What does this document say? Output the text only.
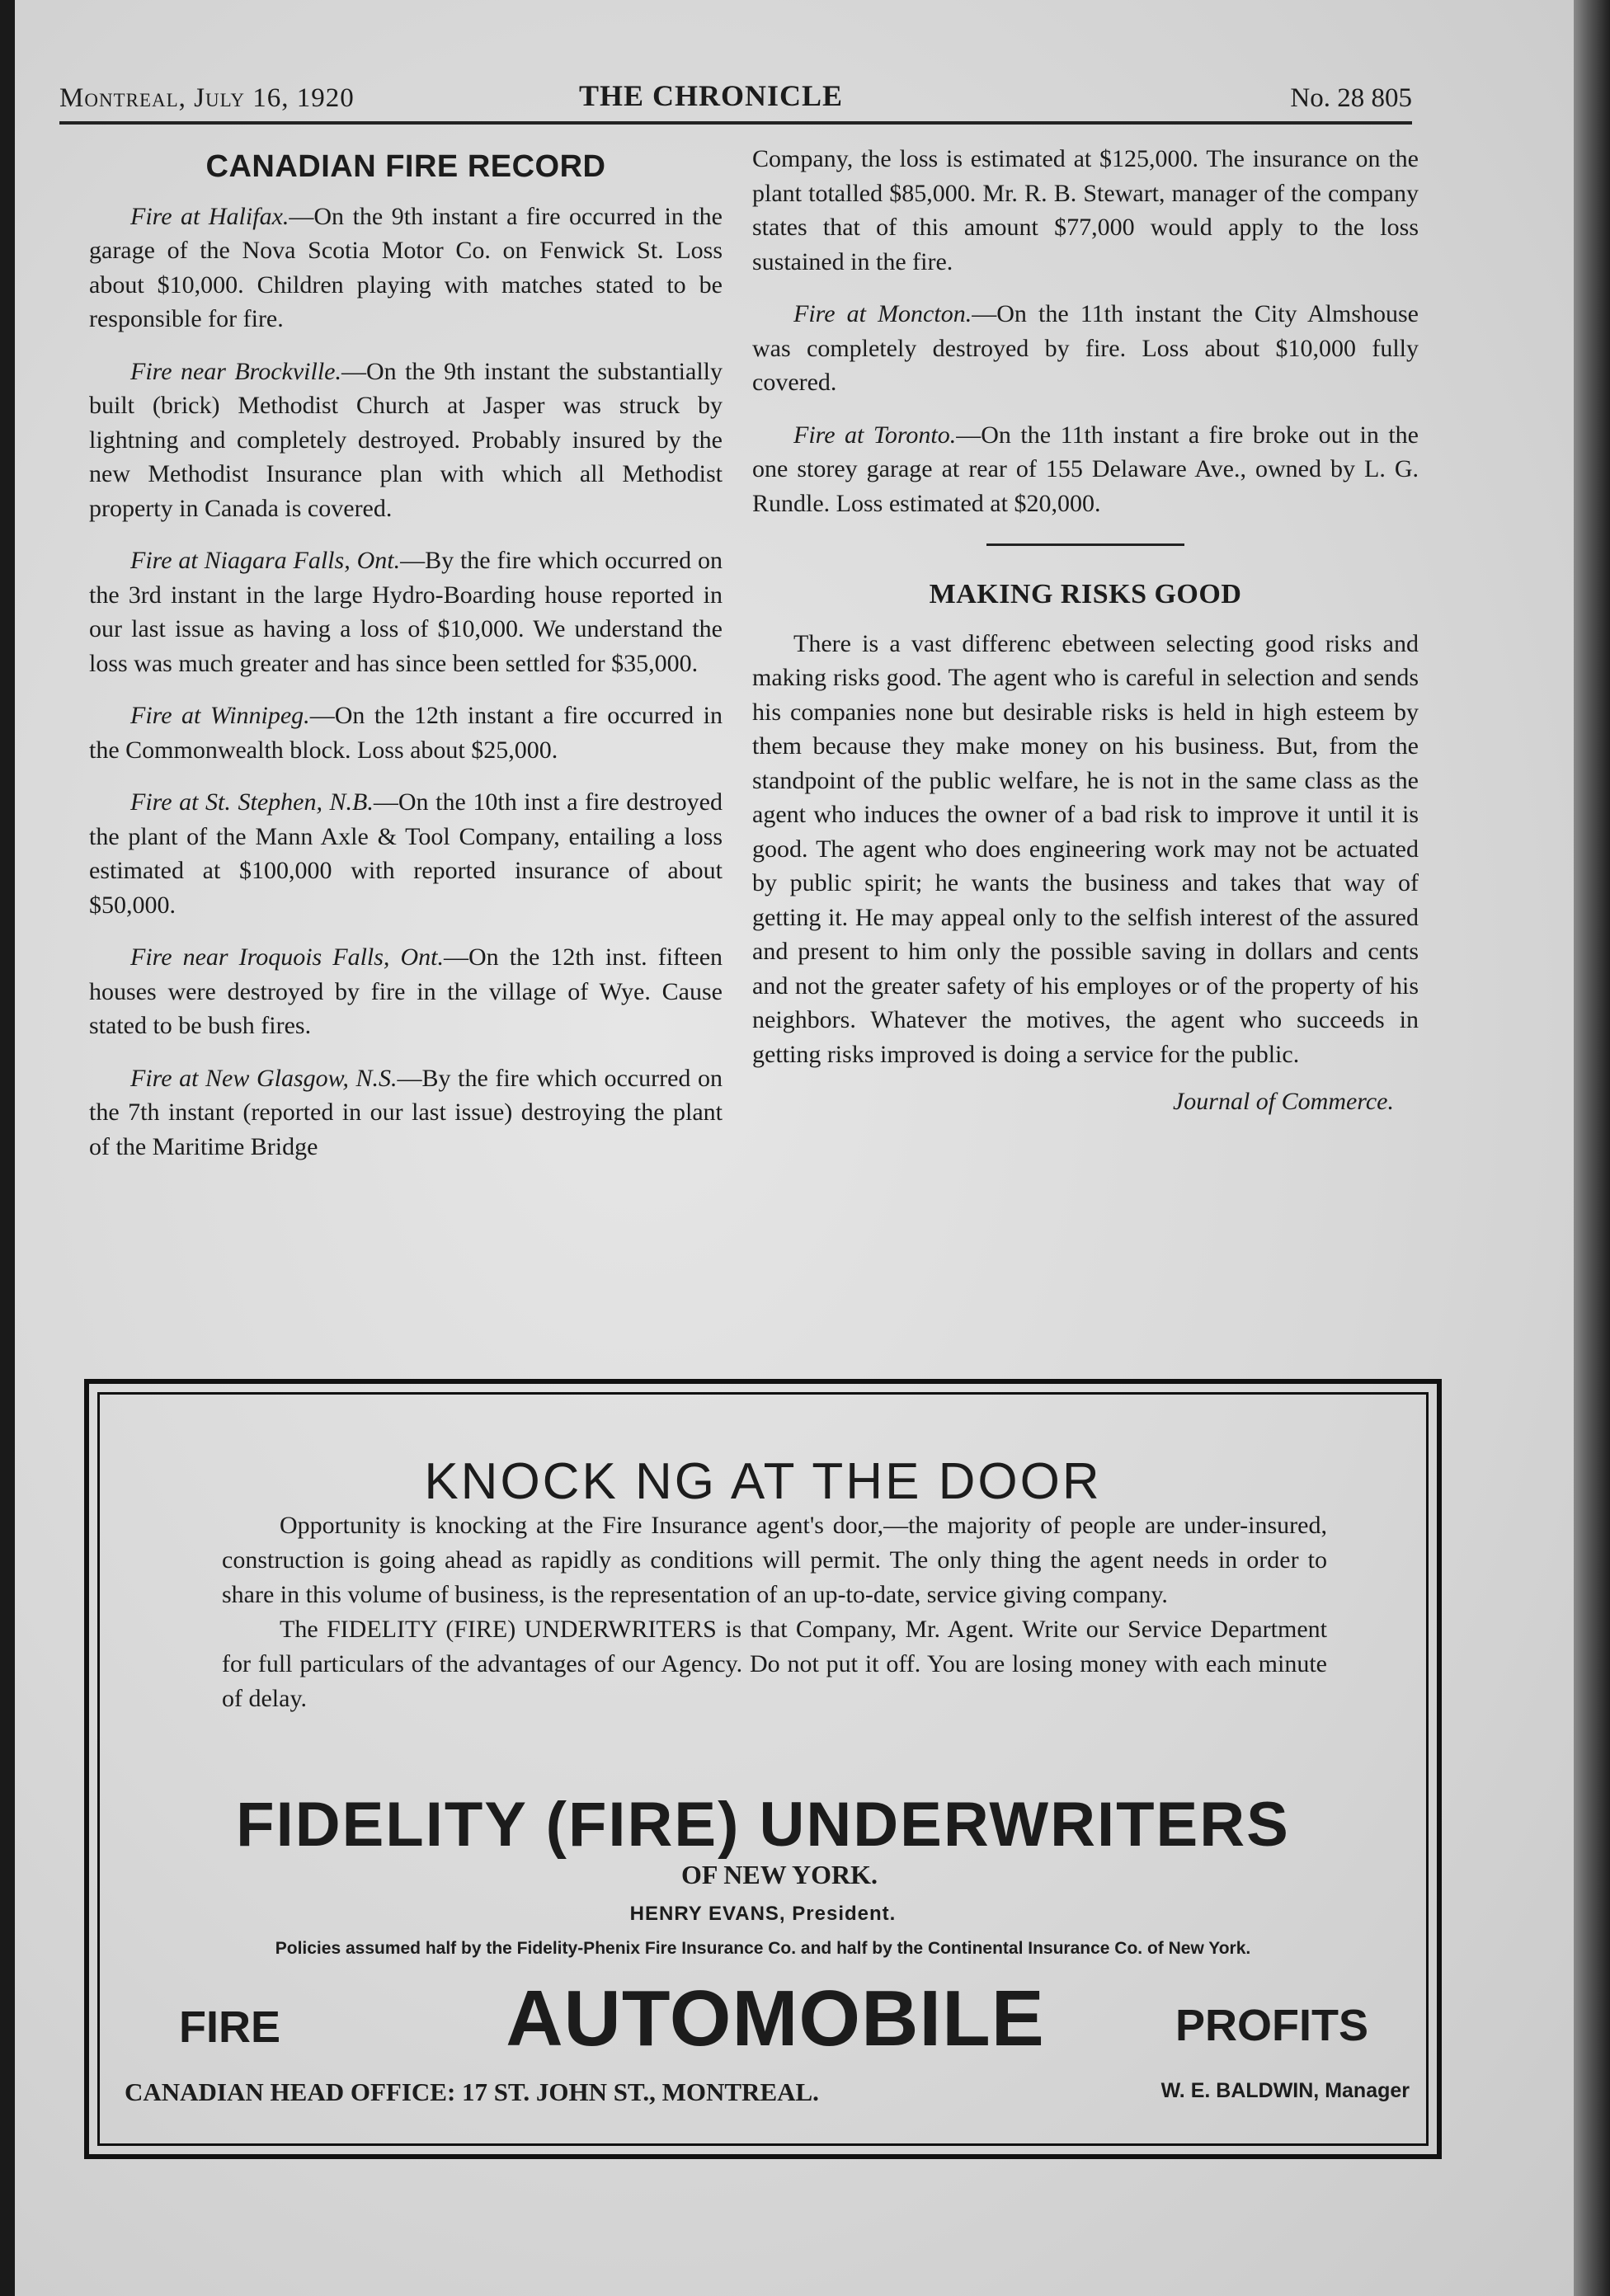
Montreal, July 16, 1920	THE CHRONICLE	No. 28 805
CANADIAN FIRE RECORD

Fire at Halifax.—On the 9th instant a fire occurred in the garage of the Nova Scotia Motor Co. on Fenwick St. Loss about $10,000. Children playing with matches stated to be responsible for fire.

Fire near Brockville.—On the 9th instant the substantially built (brick) Methodist Church at Jasper was struck by lightning and completely destroyed. Probably insured by the new Methodist Insurance plan with which all Methodist property in Canada is covered.

Fire at Niagara Falls, Ont.—By the fire which occurred on the 3rd instant in the large Hydro-Boarding house reported in our last issue as having a loss of $10,000. We understand the loss was much greater and has since been settled for $35,000.

Fire at Winnipeg.—On the 12th instant a fire occurred in the Commonwealth block. Loss about $25,000.

Fire at St. Stephen, N.B.—On the 10th inst a fire destroyed the plant of the Mann Axle & Tool Company, entailing a loss estimated at $100,000 with reported insurance of about $50,000.

Fire near Iroquois Falls, Ont.—On the 12th inst. fifteen houses were destroyed by fire in the village of Wye. Cause stated to be bush fires.

Fire at New Glasgow, N.S.—By the fire which occurred on the 7th instant (reported in our last issue) destroying the plant of the Maritime Bridge

Company, the loss is estimated at $125,000. The insurance on the plant totalled $85,000. Mr. R. B. Stewart, manager of the company states that of this amount $77,000 would apply to the loss sustained in the fire.

Fire at Moncton.—On the 11th instant the City Almshouse was completely destroyed by fire. Loss about $10,000 fully covered.

Fire at Toronto.—On the 11th instant a fire broke out in the one storey garage at rear of 155 Delaware Ave., owned by L. G. Rundle. Loss estimated at $20,000.

MAKING RISKS GOOD

There is a vast differenc ebetween selecting good risks and making risks good. The agent who is careful in selection and sends his companies none but desirable risks is held in high esteem by them because they make money on his business. But, from the standpoint of the public welfare, he is not in the same class as the agent who induces the owner of a bad risk to improve it until it is good. The agent who does engineering work may not be actuated by public spirit; he wants the business and takes that way of getting it. He may appeal only to the selfish interest of the assured and present to him only the possible saving in dollars and cents and not the greater safety of his employes or of the property of his neighbors. Whatever the motives, the agent who succeeds in getting risks improved is doing a service for the public.

Journal of Commerce.
KNOCK NG AT THE DOOR

Opportunity is knocking at the Fire Insurance agent's door,—the majority of people are under-insured, construction is going ahead as rapidly as conditions will permit. The only thing the agent needs in order to share in this volume of business, is the representation of an up-to-date, service giving company.

The FIDELITY (FIRE) UNDERWRITERS is that Company, Mr. Agent. Write our Service Department for full particulars of the advantages of our Agency. Do not put it off. You are losing money with each minute of delay.

FIDELITY (FIRE) UNDERWRITERS
OF NEW YORK.
HENRY EVANS, President.
Policies assumed half by the Fidelity-Phenix Fire Insurance Co. and half by the Continental Insurance Co. of New York.
FIRE	AUTOMOBILE	PROFITS
CANADIAN HEAD OFFICE: 17 ST. JOHN ST., MONTREAL.	W. E. BALDWIN, Manager
